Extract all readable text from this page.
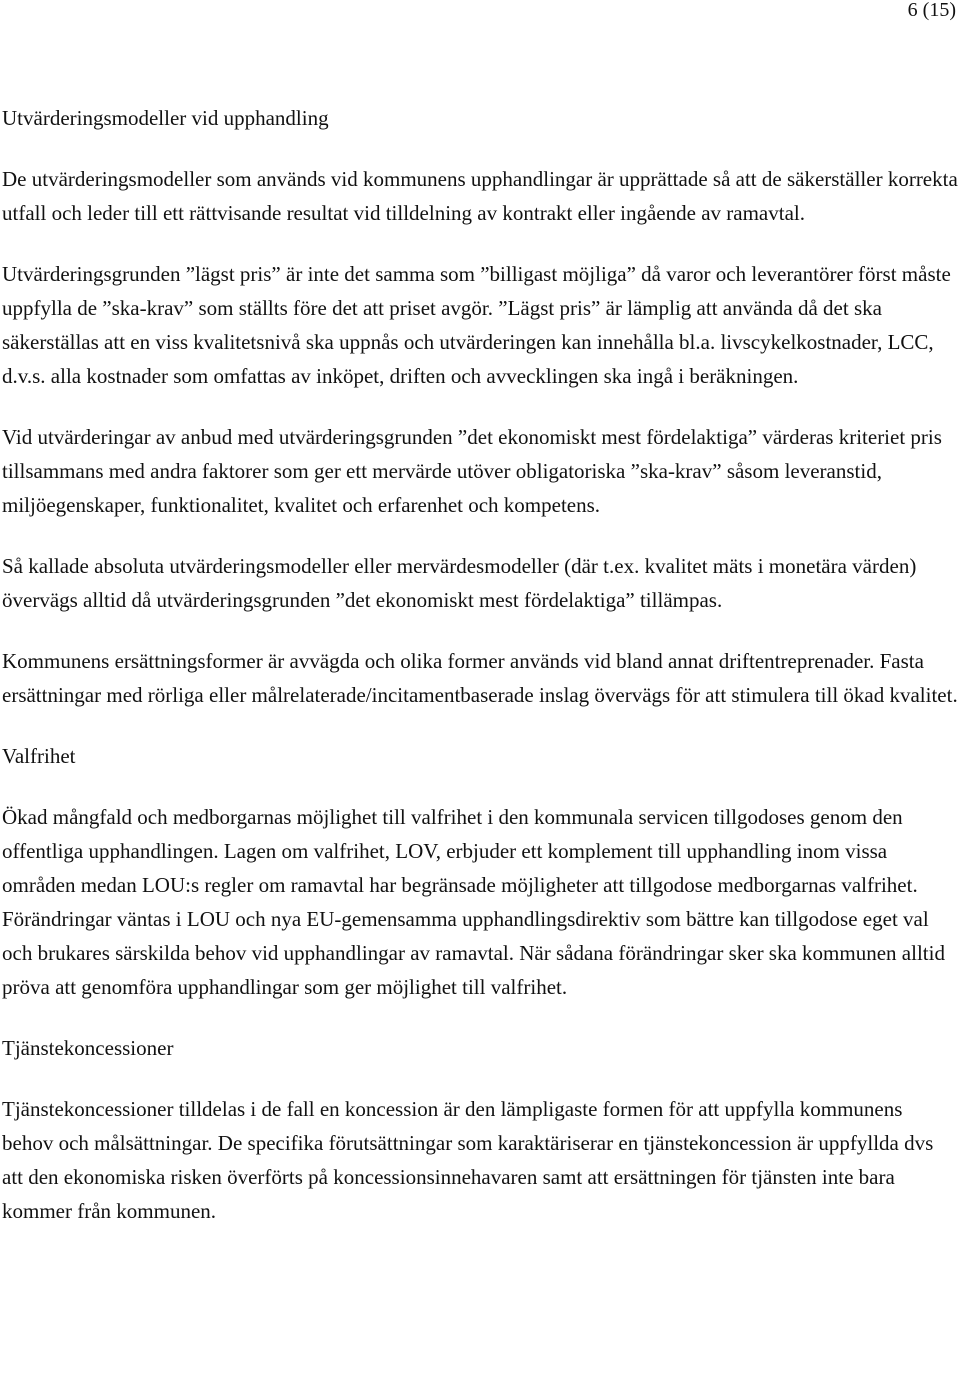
6 (15)
Utvärderingsmodeller vid upphandling

De utvärderingsmodeller som används vid kommunens upphandlingar är upprättade så att de säkerställer korrekta utfall och leder till ett rättvisande resultat vid tilldelning av kontrakt eller ingående av ramavtal.

Utvärderingsgrunden ”lägst pris” är inte det samma som ”billigast möjliga” då varor och leverantörer först måste uppfylla de ”ska-krav” som ställts före det att priset avgör. ”Lägst pris” är lämplig att använda då det ska säkerställas att en viss kvalitetsnivå ska uppnås och utvärderingen kan innehålla bl.a. livscykelkostnader, LCC, d.v.s. alla kostnader som omfattas av inköpet, driften och avvecklingen ska ingå i beräkningen.

Vid utvärderingar av anbud med utvärderingsgrunden ”det ekonomiskt mest fördelaktiga” värderas kriteriet pris tillsammans med andra faktorer som ger ett mervärde utöver obligatoriska ”ska-krav” såsom leveranstid, miljöegenskaper, funktionalitet, kvalitet och erfarenhet och kompetens.

Så kallade absoluta utvärderingsmodeller eller mervärdesmodeller (där t.ex. kvalitet mäts i monetära värden) övervägs alltid då utvärderingsgrunden ”det ekonomiskt mest fördelaktiga” tillämpas.

Kommunens ersättningsformer är avvägda och olika former används vid bland annat driftentreprenader. Fasta ersättningar med rörliga eller målrelaterade/incitamentbaserade inslag övervägs för att stimulera till ökad kvalitet.

Valfrihet

Ökad mångfald och medborgarnas möjlighet till valfrihet i den kommunala servicen tillgodoses genom den offentliga upphandlingen. Lagen om valfrihet, LOV, erbjuder ett komplement till upphandling inom vissa områden medan LOU:s regler om ramavtal har begränsade möjligheter att tillgodose medborgarnas valfrihet. Förändringar väntas i LOU och nya EU-gemensamma upphandlingsdirektiv som bättre kan tillgodose eget val och brukares särskilda behov vid upphandlingar av ramavtal. När sådana förändringar sker ska kommunen alltid pröva att genomföra upphandlingar som ger möjlighet till valfrihet.

Tjänstekoncessioner

Tjänstekoncessioner tilldelas i de fall en koncession är den lämpligaste formen för att uppfylla kommunens behov och målsättningar. De specifika förutsättningar som karaktäriserar en tjänstekoncession är uppfyllda dvs att den ekonomiska risken överförts på koncessionsinnehavaren samt att ersättningen för tjänsten inte bara kommer från kommunen.
